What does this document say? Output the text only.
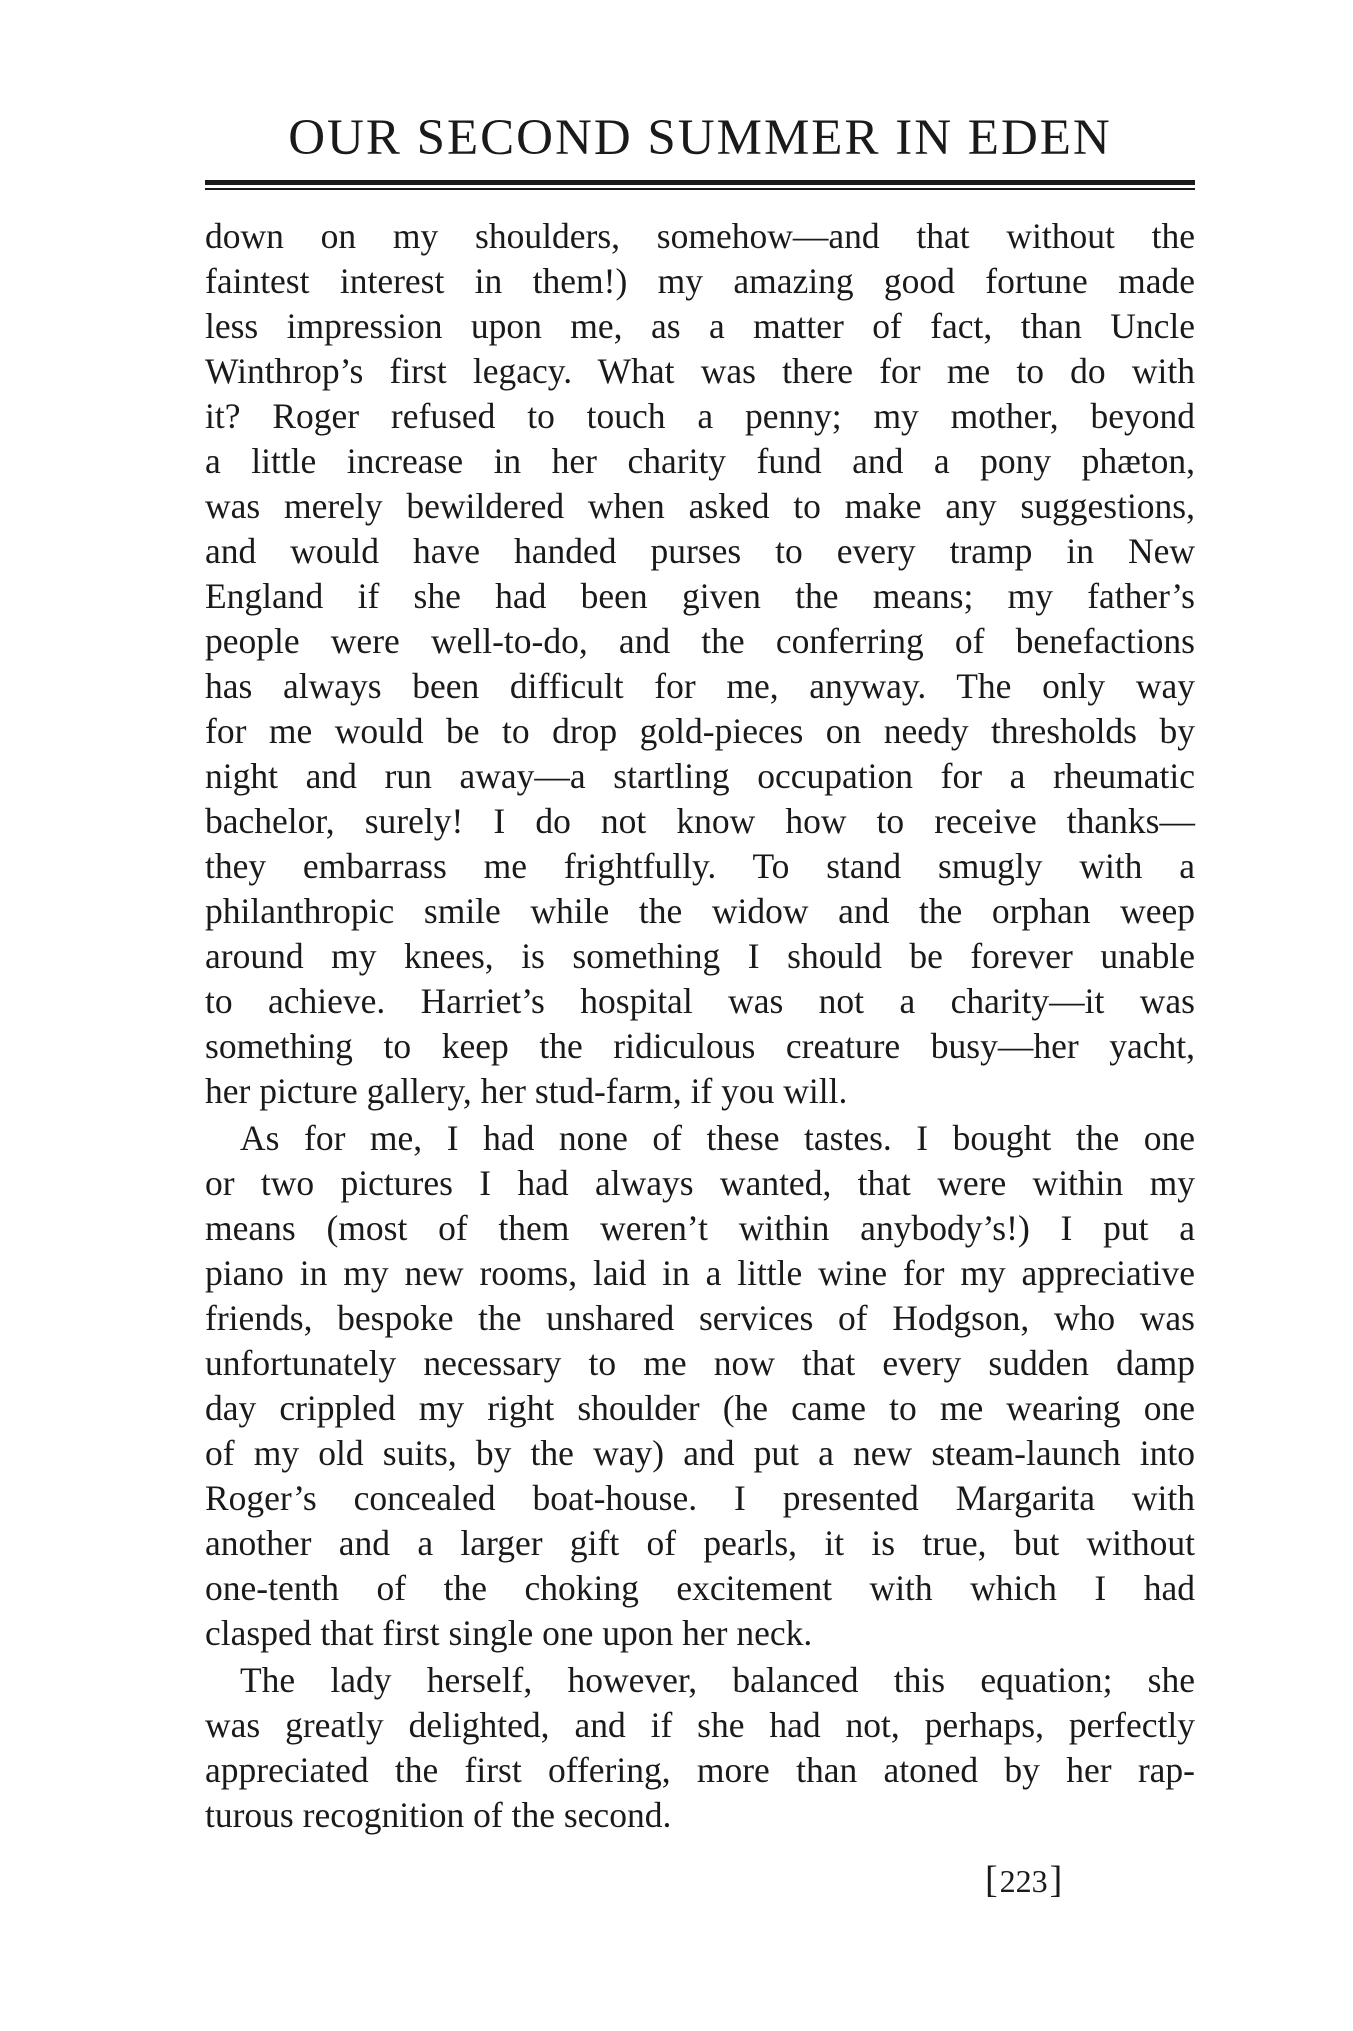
OUR SECOND SUMMER IN EDEN
down on my shoulders, somehow—and that without the
faintest interest in them!) my amazing good fortune made
less impression upon me, as a matter of fact, than Uncle
Winthrop’s first legacy. What was there for me to do with
it? Roger refused to touch a penny; my mother, beyond
a little increase in her charity fund and a pony phæton,
was merely bewildered when asked to make any suggestions,
and would have handed purses to every tramp in New
England if she had been given the means; my father’s
people were well-to-do, and the conferring of benefactions
has always been difficult for me, anyway. The only way
for me would be to drop gold-pieces on needy thresholds by
night and run away—a startling occupation for a rheumatic
bachelor, surely! I do not know how to receive thanks—
they embarrass me frightfully. To stand smugly with a
philanthropic smile while the widow and the orphan weep
around my knees, is something I should be forever unable
to achieve. Harriet’s hospital was not a charity—it was
something to keep the ridiculous creature busy—her yacht,
her picture gallery, her stud-farm, if you will.
As for me, I had none of these tastes. I bought the one
or two pictures I had always wanted, that were within my
means (most of them weren’t within anybody’s!) I put a
piano in my new rooms, laid in a little wine for my appreciative
friends, bespoke the unshared services of Hodgson, who was
unfortunately necessary to me now that every sudden damp
day crippled my right shoulder (he came to me wearing one
of my old suits, by the way) and put a new steam-launch into
Roger’s concealed boat-house. I presented Margarita with
another and a larger gift of pearls, it is true, but without
one-tenth of the choking excitement with which I had
clasped that first single one upon her neck.
The lady herself, however, balanced this equation; she
was greatly delighted, and if she had not, perhaps, perfectly
appreciated the first offering, more than atoned by her rap-
turous recognition of the second.
[223]
